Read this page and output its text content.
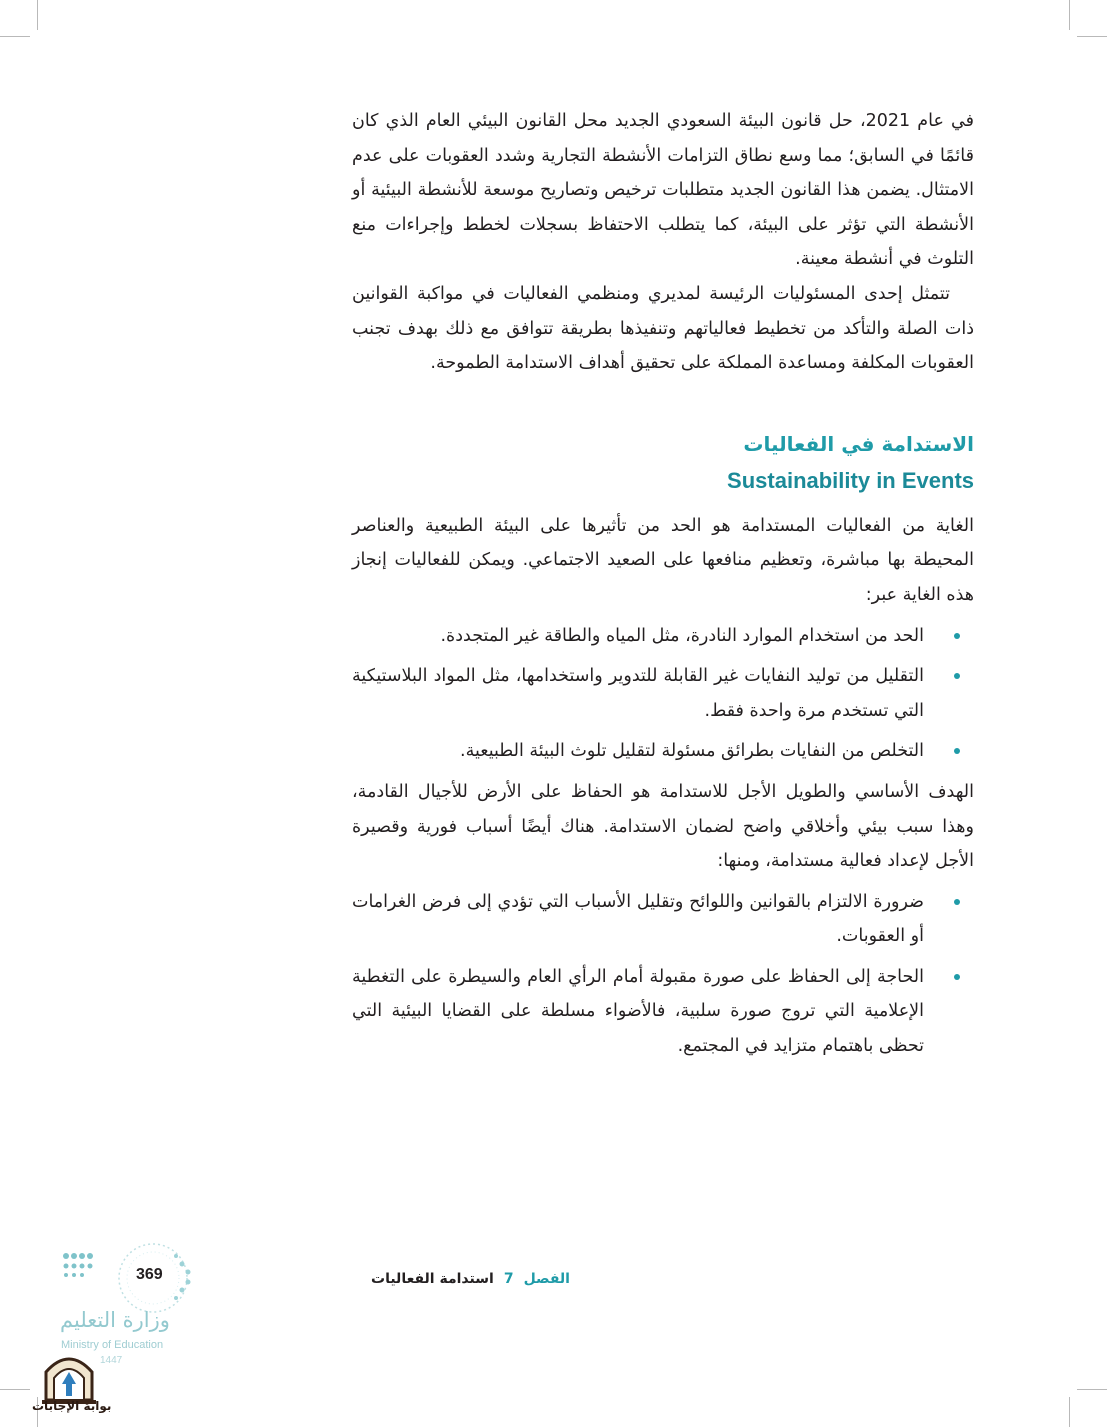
في عام 2021، حل قانون البيئة السعودي الجديد محل القانون البيئي العام الذي كان قائمًا في السابق؛ مما وسع نطاق التزامات الأنشطة التجارية وشدد العقوبات على عدم الامتثال. يضمن هذا القانون الجديد متطلبات ترخيص وتصاريح موسعة للأنشطة البيئية أو الأنشطة التي تؤثر على البيئة، كما يتطلب الاحتفاظ بسجلات لخطط وإجراءات منع التلوث في أنشطة معينة.

تتمثل إحدى المسئوليات الرئيسة لمديري ومنظمي الفعاليات في مواكبة القوانين ذات الصلة والتأكد من تخطيط فعالياتهم وتنفيذها بطريقة تتوافق مع ذلك بهدف تجنب العقوبات المكلفة ومساعدة المملكة على تحقيق أهداف الاستدامة الطموحة.

الاستدامة في الفعاليات
Sustainability in Events

الغاية من الفعاليات المستدامة هو الحد من تأثيرها على البيئة الطبيعية والعناصر المحيطة بها مباشرة، وتعظيم منافعها على الصعيد الاجتماعي. ويمكن للفعاليات إنجاز هذه الغاية عبر:

الحد من استخدام الموارد النادرة، مثل المياه والطاقة غير المتجددة.
التقليل من توليد النفايات غير القابلة للتدوير واستخدامها، مثل المواد البلاستيكية التي تستخدم مرة واحدة فقط.
التخلص من النفايات بطرائق مسئولة لتقليل تلوث البيئة الطبيعية.

الهدف الأساسي والطويل الأجل للاستدامة هو الحفاظ على الأرض للأجيال القادمة، وهذا سبب بيئي وأخلاقي واضح لضمان الاستدامة. هناك أيضًا أسباب فورية وقصيرة الأجل لإعداد فعالية مستدامة، ومنها:

ضرورة الالتزام بالقوانين واللوائح وتقليل الأسباب التي تؤدي إلى فرض الغرامات أو العقوبات.
الحاجة إلى الحفاظ على صورة مقبولة أمام الرأي العام والسيطرة على التغطية الإعلامية التي تروج صورة سلبية، فالأضواء مسلطة على القضايا البيئية التي تحظى باهتمام متزايد في المجتمع.
الفصل
7
استدامة الفعاليات
369
وزارة التعليم
Ministry of Education
1447
بوابة الإجابات
